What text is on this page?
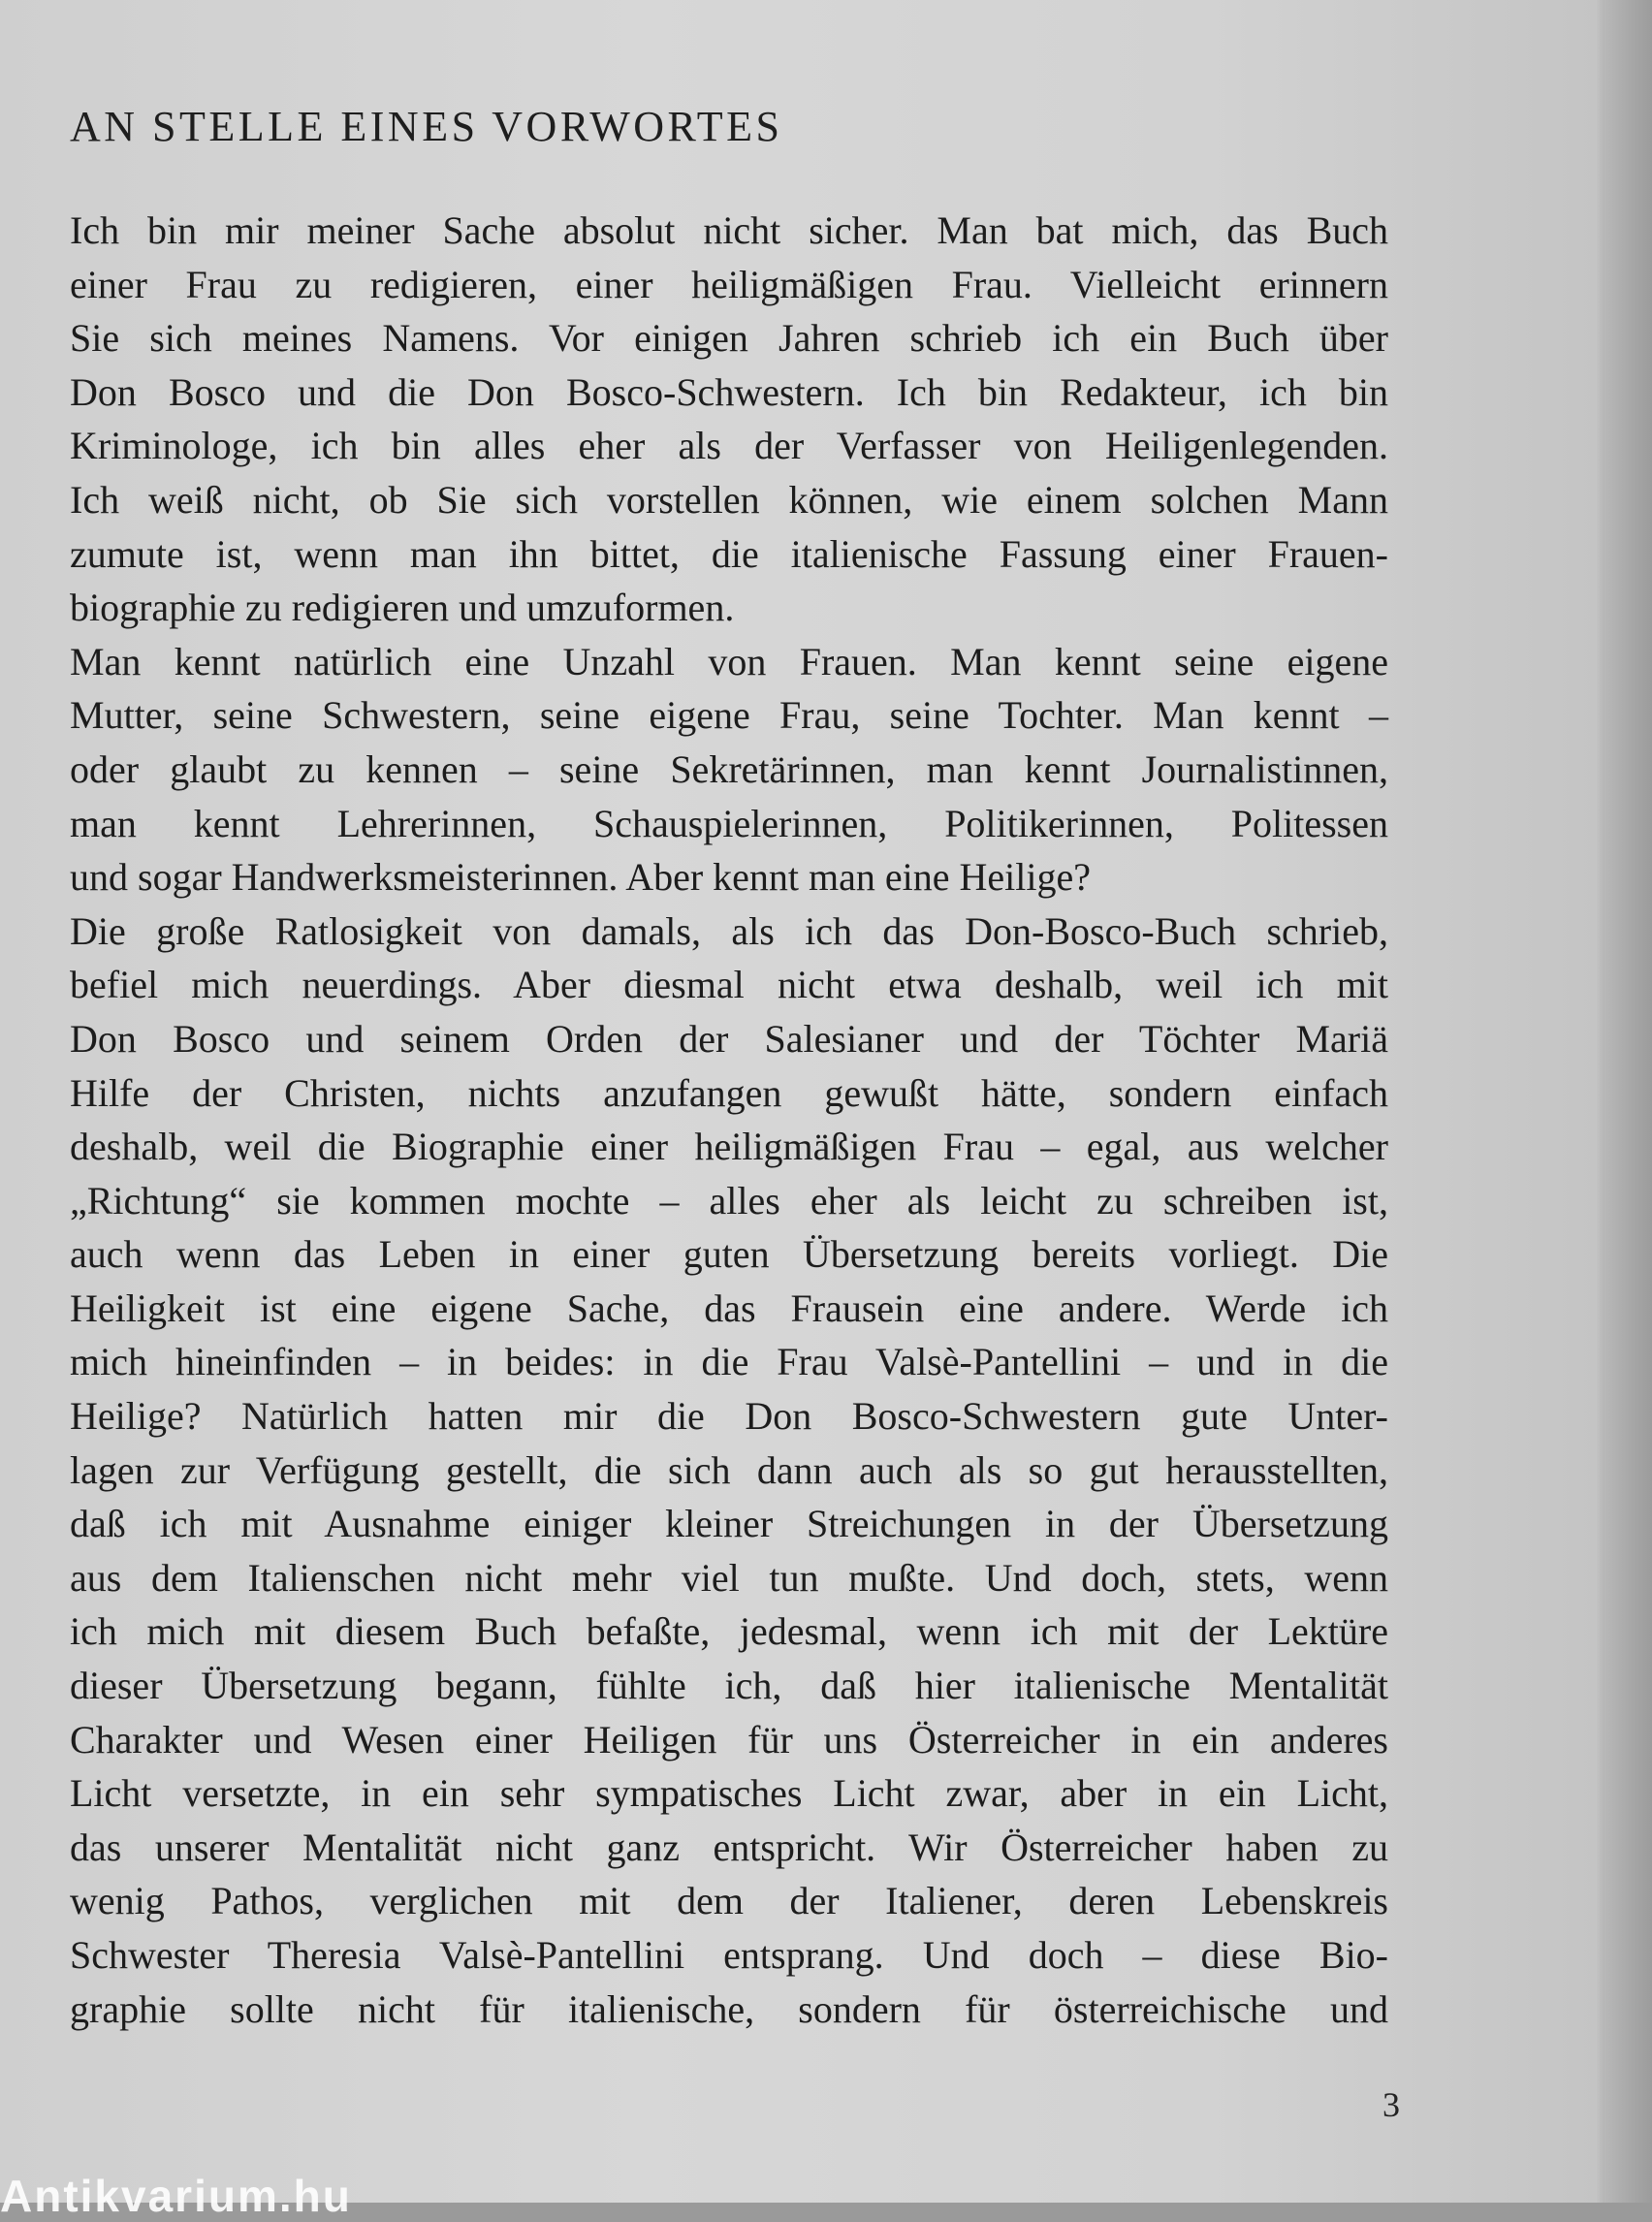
AN STELLE EINES VORWORTES
Ich bin mir meiner Sache absolut nicht sicher. Man bat mich, das Buch
einer Frau zu redigieren, einer heiligmäßigen Frau. Vielleicht erinnern
Sie sich meines Namens. Vor einigen Jahren schrieb ich ein Buch über
Don Bosco und die Don Bosco-Schwestern. Ich bin Redakteur, ich bin
Kriminologe, ich bin alles eher als der Verfasser von Heiligenlegenden.
Ich weiß nicht, ob Sie sich vorstellen können, wie einem solchen Mann
zumute ist, wenn man ihn bittet, die italienische Fassung einer Frauen-
biographie zu redigieren und umzuformen.
Man kennt natürlich eine Unzahl von Frauen. Man kennt seine eigene
Mutter, seine Schwestern, seine eigene Frau, seine Tochter. Man kennt –
oder glaubt zu kennen – seine Sekretärinnen, man kennt Journalistinnen,
man kennt Lehrerinnen, Schauspielerinnen, Politikerinnen, Politessen
und sogar Handwerksmeisterinnen. Aber kennt man eine Heilige?
Die große Ratlosigkeit von damals, als ich das Don-Bosco-Buch schrieb,
befiel mich neuerdings. Aber diesmal nicht etwa deshalb, weil ich mit
Don Bosco und seinem Orden der Salesianer und der Töchter Mariä
Hilfe der Christen, nichts anzufangen gewußt hätte, sondern einfach
deshalb, weil die Biographie einer heiligmäßigen Frau – egal, aus welcher
„Richtung“ sie kommen mochte – alles eher als leicht zu schreiben ist,
auch wenn das Leben in einer guten Übersetzung bereits vorliegt. Die
Heiligkeit ist eine eigene Sache, das Frausein eine andere. Werde ich
mich hineinfinden – in beides: in die Frau Valsè-Pantellini – und in die
Heilige? Natürlich hatten mir die Don Bosco-Schwestern gute Unter-
lagen zur Verfügung gestellt, die sich dann auch als so gut herausstellten,
daß ich mit Ausnahme einiger kleiner Streichungen in der Übersetzung
aus dem Italienschen nicht mehr viel tun mußte. Und doch, stets, wenn
ich mich mit diesem Buch befaßte, jedesmal, wenn ich mit der Lektüre
dieser Übersetzung begann, fühlte ich, daß hier italienische Mentalität
Charakter und Wesen einer Heiligen für uns Österreicher in ein anderes
Licht versetzte, in ein sehr sympatisches Licht zwar, aber in ein Licht,
das unserer Mentalität nicht ganz entspricht. Wir Österreicher haben zu
wenig Pathos, verglichen mit dem der Italiener, deren Lebenskreis
Schwester Theresia Valsè-Pantellini entsprang. Und doch – diese Bio-
graphie sollte nicht für italienische, sondern für österreichische und
3
Antikvarium.hu
